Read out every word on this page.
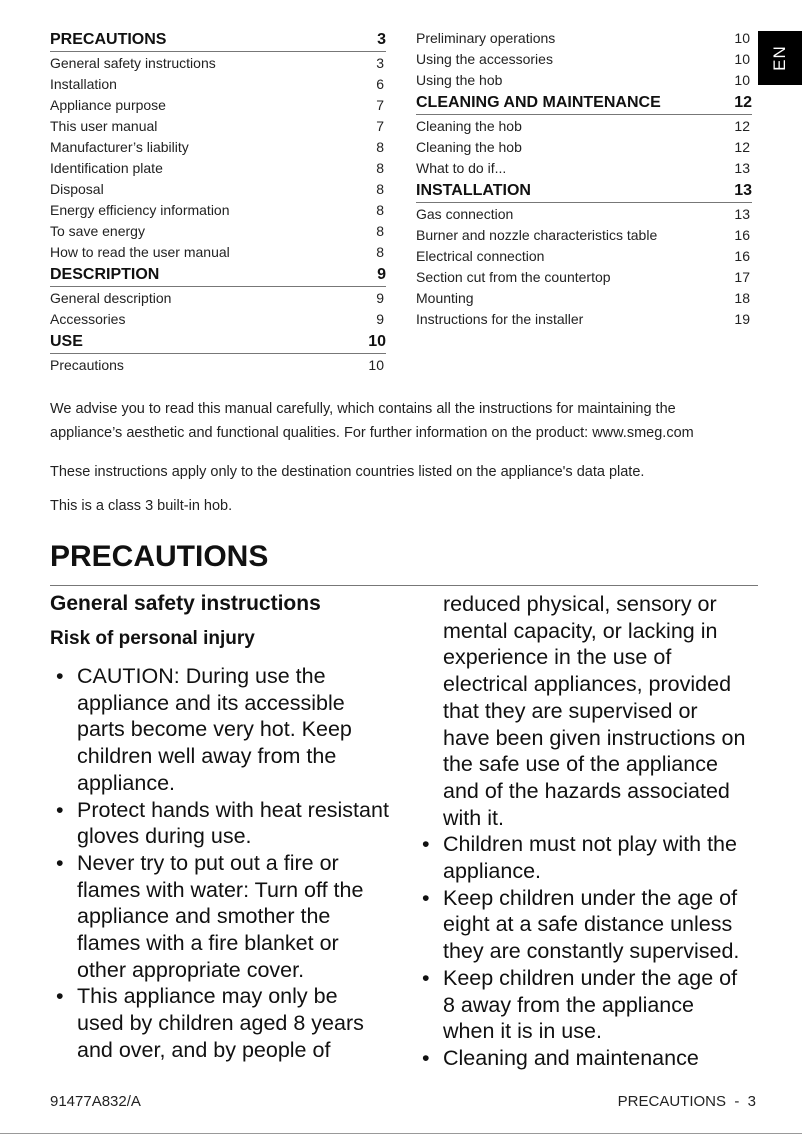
PRECAUTIONS	3
General safety instructions	3
Installation	6
Appliance purpose	7
This user manual	7
Manufacturer’s liability	8
Identification plate	8
Disposal	8
Energy efficiency information	8
To save energy	8
How to read the user manual	8
DESCRIPTION	9
General description	9
Accessories	9
USE	10
Precautions	10
Preliminary operations	10
Using the accessories	10
Using the hob	10
CLEANING AND MAINTENANCE	12
Cleaning the hob	12
Cleaning the hob	12
What to do if...	13
INSTALLATION	13
Gas connection	13
Burner and nozzle characteristics table	16
Electrical connection	16
Section cut from the countertop	17
Mounting	18
Instructions for the installer	19
EN
We advise you to read this manual carefully, which contains all the instructions for maintaining the
appliance’s aesthetic and functional qualities. For further information on the product: www.smeg.com
These instructions apply only to the destination countries listed on the appliance's data plate.
This is a class 3 built-in hob.
PRECAUTIONS
General safety instructions
Risk of personal injury
• CAUTION: During use the
appliance and its accessible
parts become very hot. Keep
children well away from the
appliance.
• Protect hands with heat resistant
gloves during use.
• Never try to put out a fire or
flames with water: Turn off the
appliance and smother the
flames with a fire blanket or
other appropriate cover.
• This appliance may only be
used by children aged 8 years
and over, and by people of
reduced physical, sensory or
mental capacity, or lacking in
experience in the use of
electrical appliances, provided
that they are supervised or
have been given instructions on
the safe use of the appliance
and of the hazards associated
with it.
• Children must not play with the
appliance.
• Keep children under the age of
eight at a safe distance unless
they are constantly supervised.
• Keep children under the age of
8 away from the appliance
when it is in use.
• Cleaning and maintenance
91477A832/A	PRECAUTIONS  -  3
